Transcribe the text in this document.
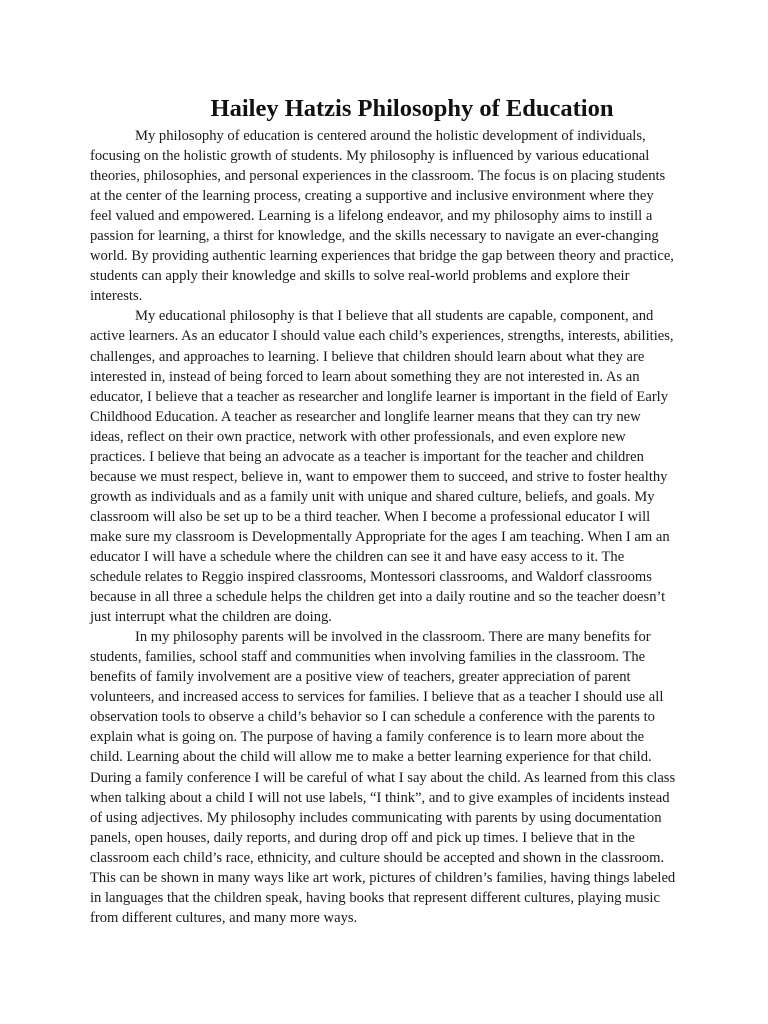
Hailey Hatzis Philosophy of Education

My philosophy of education is centered around the holistic development of individuals, focusing on the holistic growth of students. My philosophy is influenced by various educational theories, philosophies, and personal experiences in the classroom. The focus is on placing students at the center of the learning process, creating a supportive and inclusive environment where they feel valued and empowered. Learning is a lifelong endeavor, and my philosophy aims to instill a passion for learning, a thirst for knowledge, and the skills necessary to navigate an ever-changing world. By providing authentic learning experiences that bridge the gap between theory and practice, students can apply their knowledge and skills to solve real-world problems and explore their interests.

My educational philosophy is that I believe that all students are capable, component, and active learners. As an educator I should value each child’s experiences, strengths, interests, abilities, challenges, and approaches to learning. I believe that children should learn about what they are interested in, instead of being forced to learn about something they are not interested in. As an educator, I believe that a teacher as researcher and longlife learner is important in the field of Early Childhood Education. A teacher as researcher and longlife learner means that they can try new ideas, reflect on their own practice, network with other professionals, and even explore new practices. I believe that being an advocate as a teacher is important for the teacher and children because we must respect, believe in, want to empower them to succeed, and strive to foster healthy growth as individuals and as a family unit with unique and shared culture, beliefs, and goals. My classroom will also be set up to be a third teacher. When I become a professional educator I will make sure my classroom is Developmentally Appropriate for the ages I am teaching. When I am an educator I will have a schedule where the children can see it and have easy access to it. The schedule relates to Reggio inspired classrooms, Montessori classrooms, and Waldorf classrooms because in all three a schedule helps the children get into a daily routine and so the teacher doesn’t just interrupt what the children are doing.

In my philosophy parents will be involved in the classroom. There are many benefits for students, families, school staff and communities when involving families in the classroom. The benefits of family involvement are a positive view of teachers, greater appreciation of parent volunteers, and increased access to services for families. I believe that as a teacher I should use all observation tools to observe a child’s behavior so I can schedule a conference with the parents to explain what is going on. The purpose of having a family conference is to learn more about the child. Learning about the child will allow me to make a better learning experience for that child. During a family conference I will be careful of what I say about the child. As learned from this class when talking about a child I will not use labels, “I think”, and to give examples of incidents instead of using adjectives. My philosophy includes communicating with parents by using documentation panels, open houses, daily reports, and during drop off and pick up times. I believe that in the classroom each child’s race, ethnicity, and culture should be accepted and shown in the classroom. This can be shown in many ways like art work, pictures of children’s families, having things labeled in languages that the children speak, having books that represent different cultures, playing music from different cultures, and many more ways.
